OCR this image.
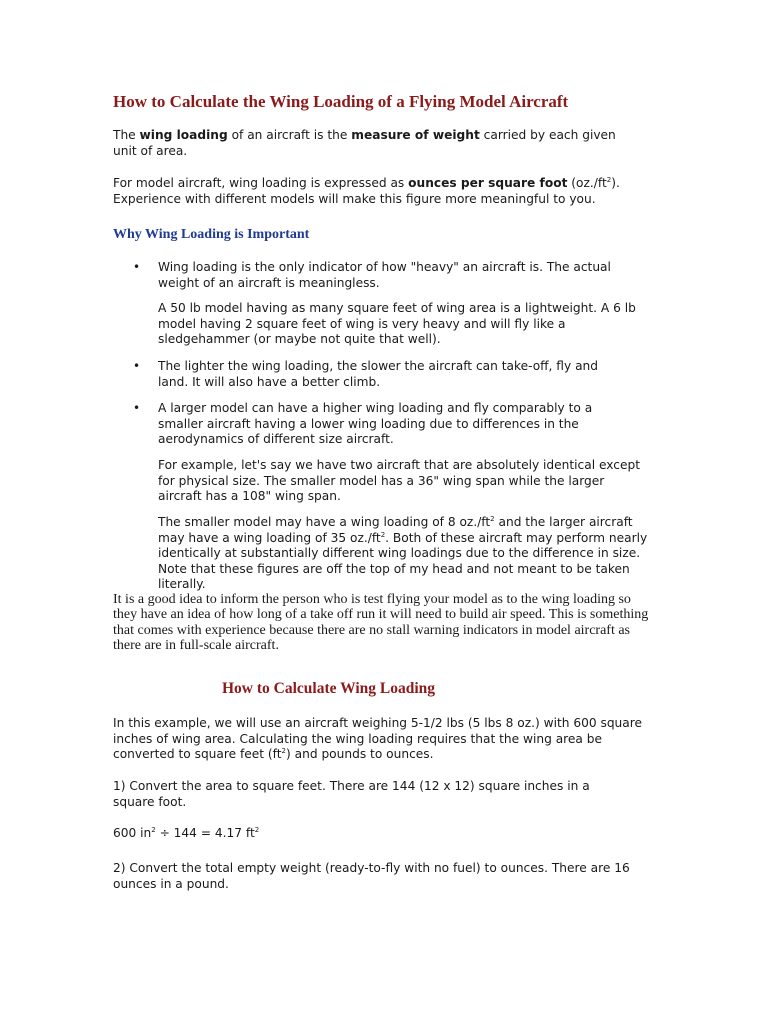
How to Calculate the Wing Loading of a Flying Model Aircraft

The wing loading of an aircraft is the measure of weight carried by each given unit of area.

For model aircraft, wing loading is expressed as ounces per square foot $(oz./ft^2)$. Experience with different models will make this figure more meaningful to you.

Why Wing Loading is Important
• Wing loading is the only indicator of how "heavy" an aircraft is. The actual weight of an aircraft is meaningless.

A 50 lb model having as many square feet of wing area is a lightweight. A 6 lb model having 2 square feet of wing is very heavy and will fly like a sledgehammer (or maybe not quite that well).

• The lighter the wing loading, the slower the aircraft can take-off, fly and land. It will also have a better climb.

• A larger model can have a higher wing loading and fly comparably to a smaller aircraft having a lower wing loading due to differences in the aerodynamics of different size aircraft.

For example, let's say we have two aircraft that are absolutely identical except for physical size. The smaller model has a 36" wing span while the larger aircraft has a 108" wing span.

The smaller model may have a wing loading of 8 $oz./ft^2$ and the larger aircraft may have a wing loading of 35 $oz./ft^2$. Both of these aircraft may perform nearly identically at substantially different wing loadings due to the difference in size. Note that these figures are off the top of my head and not meant to be taken literally.

It is a good idea to inform the person who is test flying your model as to the wing loading so they have an idea of how long of a take off run it will need to build air speed. This is something that comes with experience because there are no stall warning indicators in model aircraft as there are in full-scale aircraft.

How to Calculate Wing Loading

In this example, we will use an aircraft weighing 5-1/2 lbs (5 lbs 8 oz.) with 600 square inches of wing area. Calculating the wing loading requires that the wing area be converted to square feet $(ft^2)$ and pounds to ounces.

1) Convert the area to square feet. There are 144 (12 x 12) square inches in a square foot.

600 $in^2 \div 144 = 4.17$ $ft^2$

2) Convert the total empty weight (ready-to-fly with no fuel) to ounces. There are 16 ounces in a pound.
